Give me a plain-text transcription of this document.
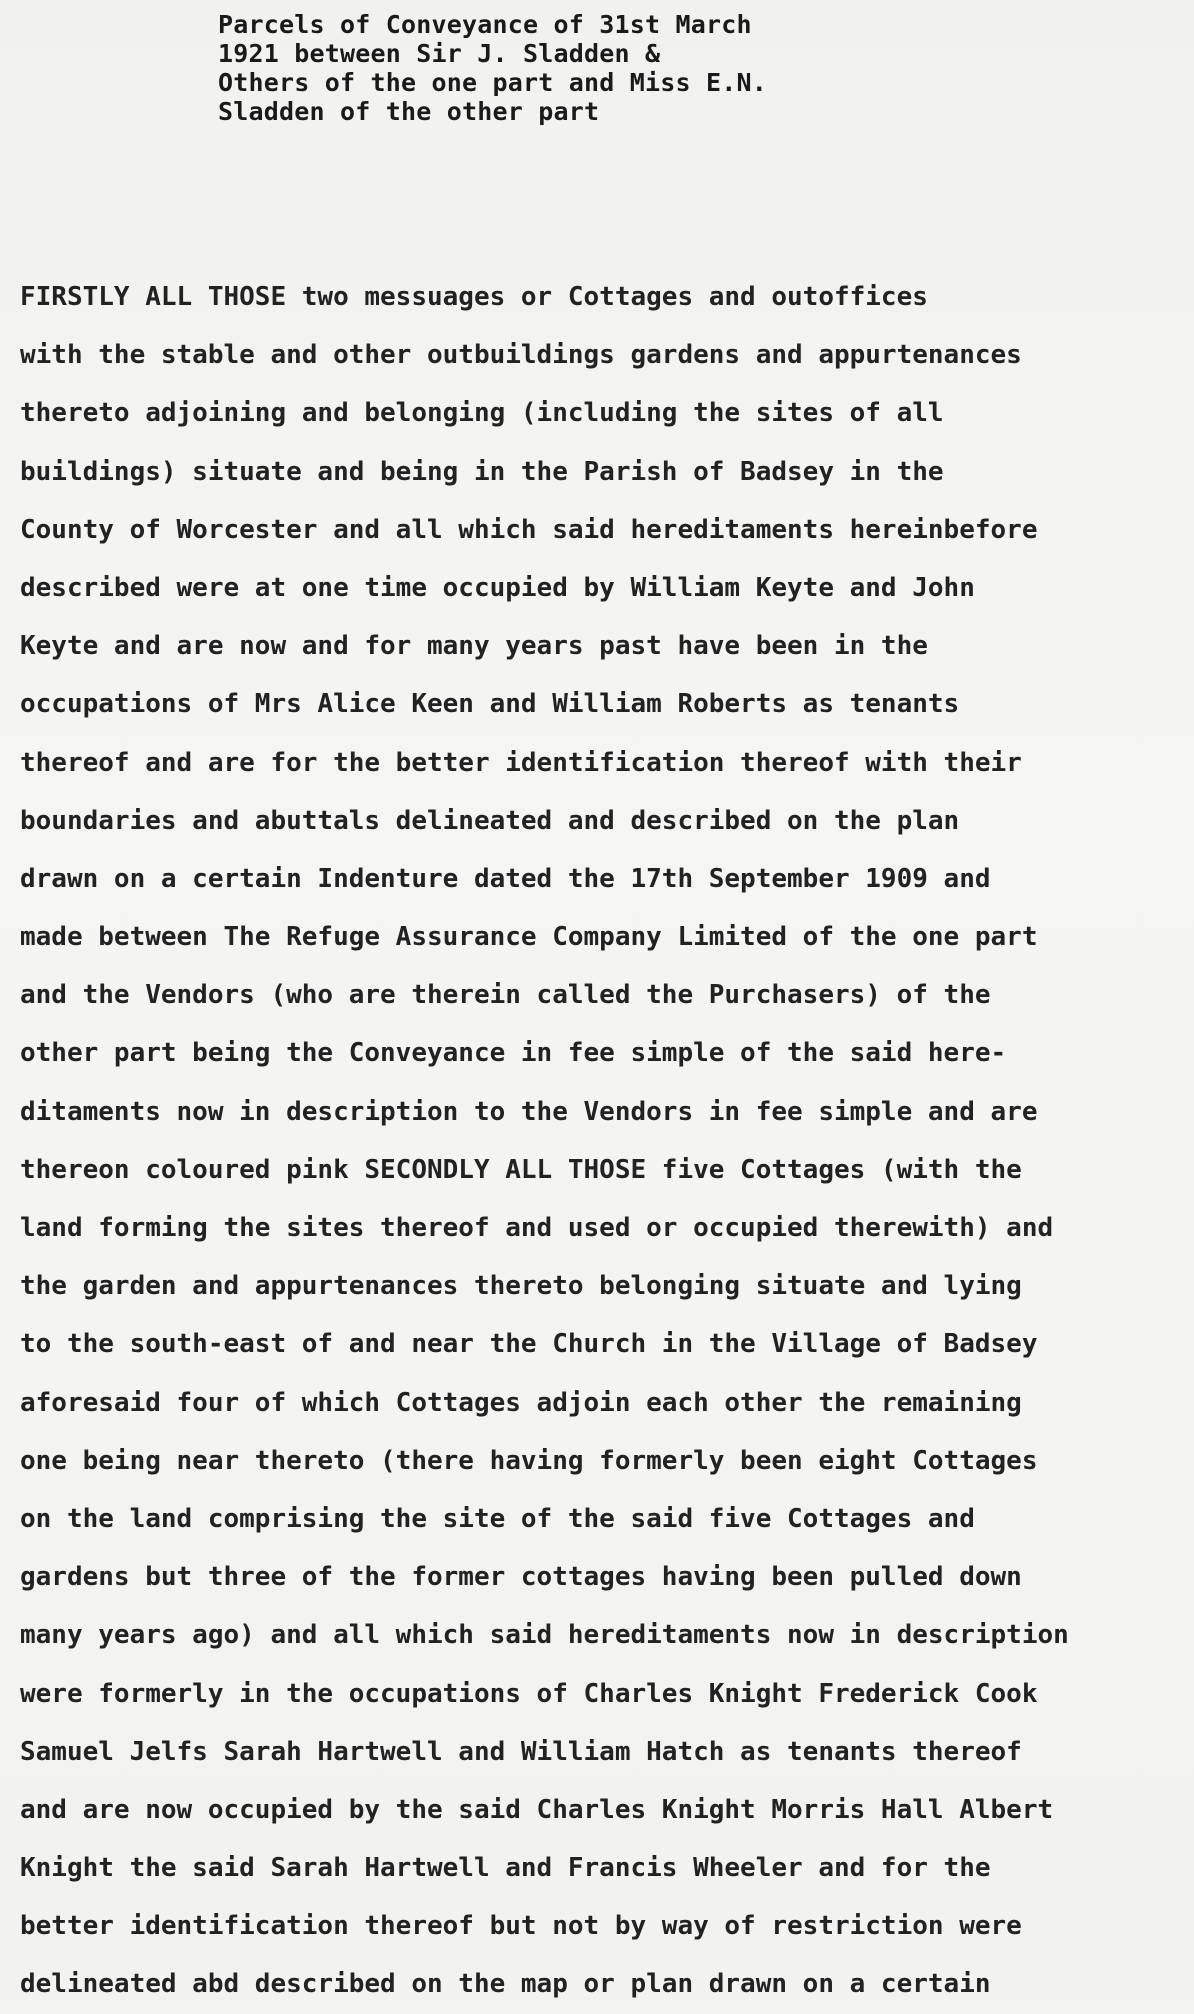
Parcels of Conveyance of 31st March
1921 between Sir J. Sladden &
Others of the one part and Miss E.N.
Sladden of the other part
FIRSTLY ALL THOSE two messuages or Cottages and outoffices
with the stable and other outbuildings gardens and appurtenances
thereto adjoining and belonging (including the sites of all
buildings) situate and being in the Parish of Badsey in the
County of Worcester and all which said hereditaments hereinbefore
described were at one time occupied by William Keyte and John
Keyte and are now and for many years past have been in the
occupations of Mrs Alice Keen and William Roberts as tenants
thereof and are for the better identification thereof with their
boundaries and abuttals delineated and described on the plan
drawn on a certain Indenture dated the 17th September 1909 and
made between The Refuge Assurance Company Limited of the one part
and the Vendors (who are therein called the Purchasers) of the
other part being the Conveyance in fee simple of the said here-
ditaments now in description to the Vendors in fee simple and are
thereon coloured pink SECONDLY ALL THOSE five Cottages (with the
land forming the sites thereof and used or occupied therewith) and
the garden and appurtenances thereto belonging situate and lying
to the south-east of and near the Church in the Village of Badsey
aforesaid four of which Cottages adjoin each other the remaining
one being near thereto (there having formerly been eight Cottages
on the land comprising the site of the said five Cottages and
gardens but three of the former cottages having been pulled down
many years ago) and all which said hereditaments now in description
were formerly in the occupations of Charles Knight Frederick Cook
Samuel Jelfs Sarah Hartwell and William Hatch as tenants thereof
and are now occupied by the said Charles Knight Morris Hall Albert
Knight the said Sarah Hartwell and Francis Wheeler and for the
better identification thereof but not by way of restriction were
delineated abd described on the map or plan drawn on a certain
